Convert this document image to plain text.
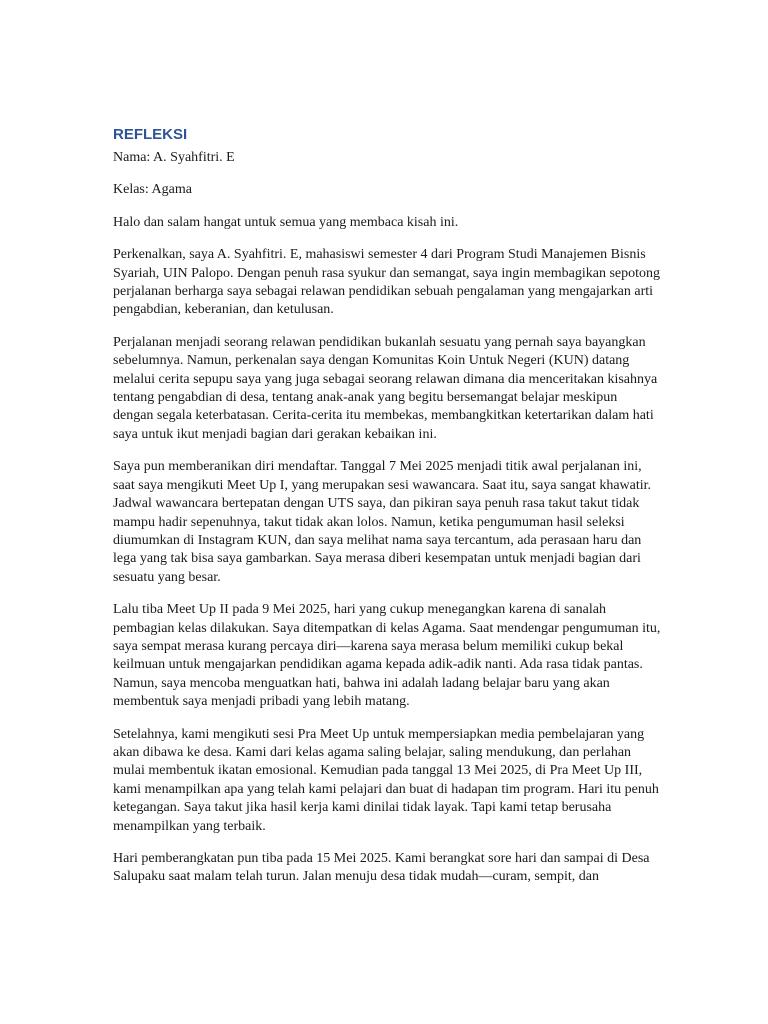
REFLEKSI
Nama: A. Syahfitri. E
Kelas: Agama

Halo dan salam hangat untuk semua yang membaca kisah ini.

Perkenalkan, saya A. Syahfitri. E, mahasiswi semester 4 dari Program Studi Manajemen Bisnis Syariah, UIN Palopo. Dengan penuh rasa syukur dan semangat, saya ingin membagikan sepotong perjalanan berharga saya sebagai relawan pendidikan sebuah pengalaman yang mengajarkan arti pengabdian, keberanian, dan ketulusan.

Perjalanan menjadi seorang relawan pendidikan bukanlah sesuatu yang pernah saya bayangkan sebelumnya. Namun, perkenalan saya dengan Komunitas Koin Untuk Negeri (KUN) datang melalui cerita sepupu saya yang juga sebagai seorang relawan dimana dia menceritakan kisahnya tentang pengabdian di desa, tentang anak-anak yang begitu bersemangat belajar meskipun dengan segala keterbatasan. Cerita-cerita itu membekas, membangkitkan ketertarikan dalam hati saya untuk ikut menjadi bagian dari gerakan kebaikan ini.

Saya pun memberanikan diri mendaftar. Tanggal 7 Mei 2025 menjadi titik awal perjalanan ini, saat saya mengikuti Meet Up I, yang merupakan sesi wawancara. Saat itu, saya sangat khawatir. Jadwal wawancara bertepatan dengan UTS saya, dan pikiran saya penuh rasa takut takut tidak mampu hadir sepenuhnya, takut tidak akan lolos. Namun, ketika pengumuman hasil seleksi diumumkan di Instagram KUN, dan saya melihat nama saya tercantum, ada perasaan haru dan lega yang tak bisa saya gambarkan. Saya merasa diberi kesempatan untuk menjadi bagian dari sesuatu yang besar.

Lalu tiba Meet Up II pada 9 Mei 2025, hari yang cukup menegangkan karena di sanalah pembagian kelas dilakukan. Saya ditempatkan di kelas Agama. Saat mendengar pengumuman itu, saya sempat merasa kurang percaya diri—karena saya merasa belum memiliki cukup bekal keilmuan untuk mengajarkan pendidikan agama kepada adik-adik nanti. Ada rasa tidak pantas. Namun, saya mencoba menguatkan hati, bahwa ini adalah ladang belajar baru yang akan membentuk saya menjadi pribadi yang lebih matang.

Setelahnya, kami mengikuti sesi Pra Meet Up untuk mempersiapkan media pembelajaran yang akan dibawa ke desa. Kami dari kelas agama saling belajar, saling mendukung, dan perlahan mulai membentuk ikatan emosional. Kemudian pada tanggal 13 Mei 2025, di Pra Meet Up III, kami menampilkan apa yang telah kami pelajari dan buat di hadapan tim program. Hari itu penuh ketegangan. Saya takut jika hasil kerja kami dinilai tidak layak. Tapi kami tetap berusaha menampilkan yang terbaik.

Hari pemberangkatan pun tiba pada 15 Mei 2025. Kami berangkat sore hari dan sampai di Desa Salupaku saat malam telah turun. Jalan menuju desa tidak mudah—curam, sempit, dan
